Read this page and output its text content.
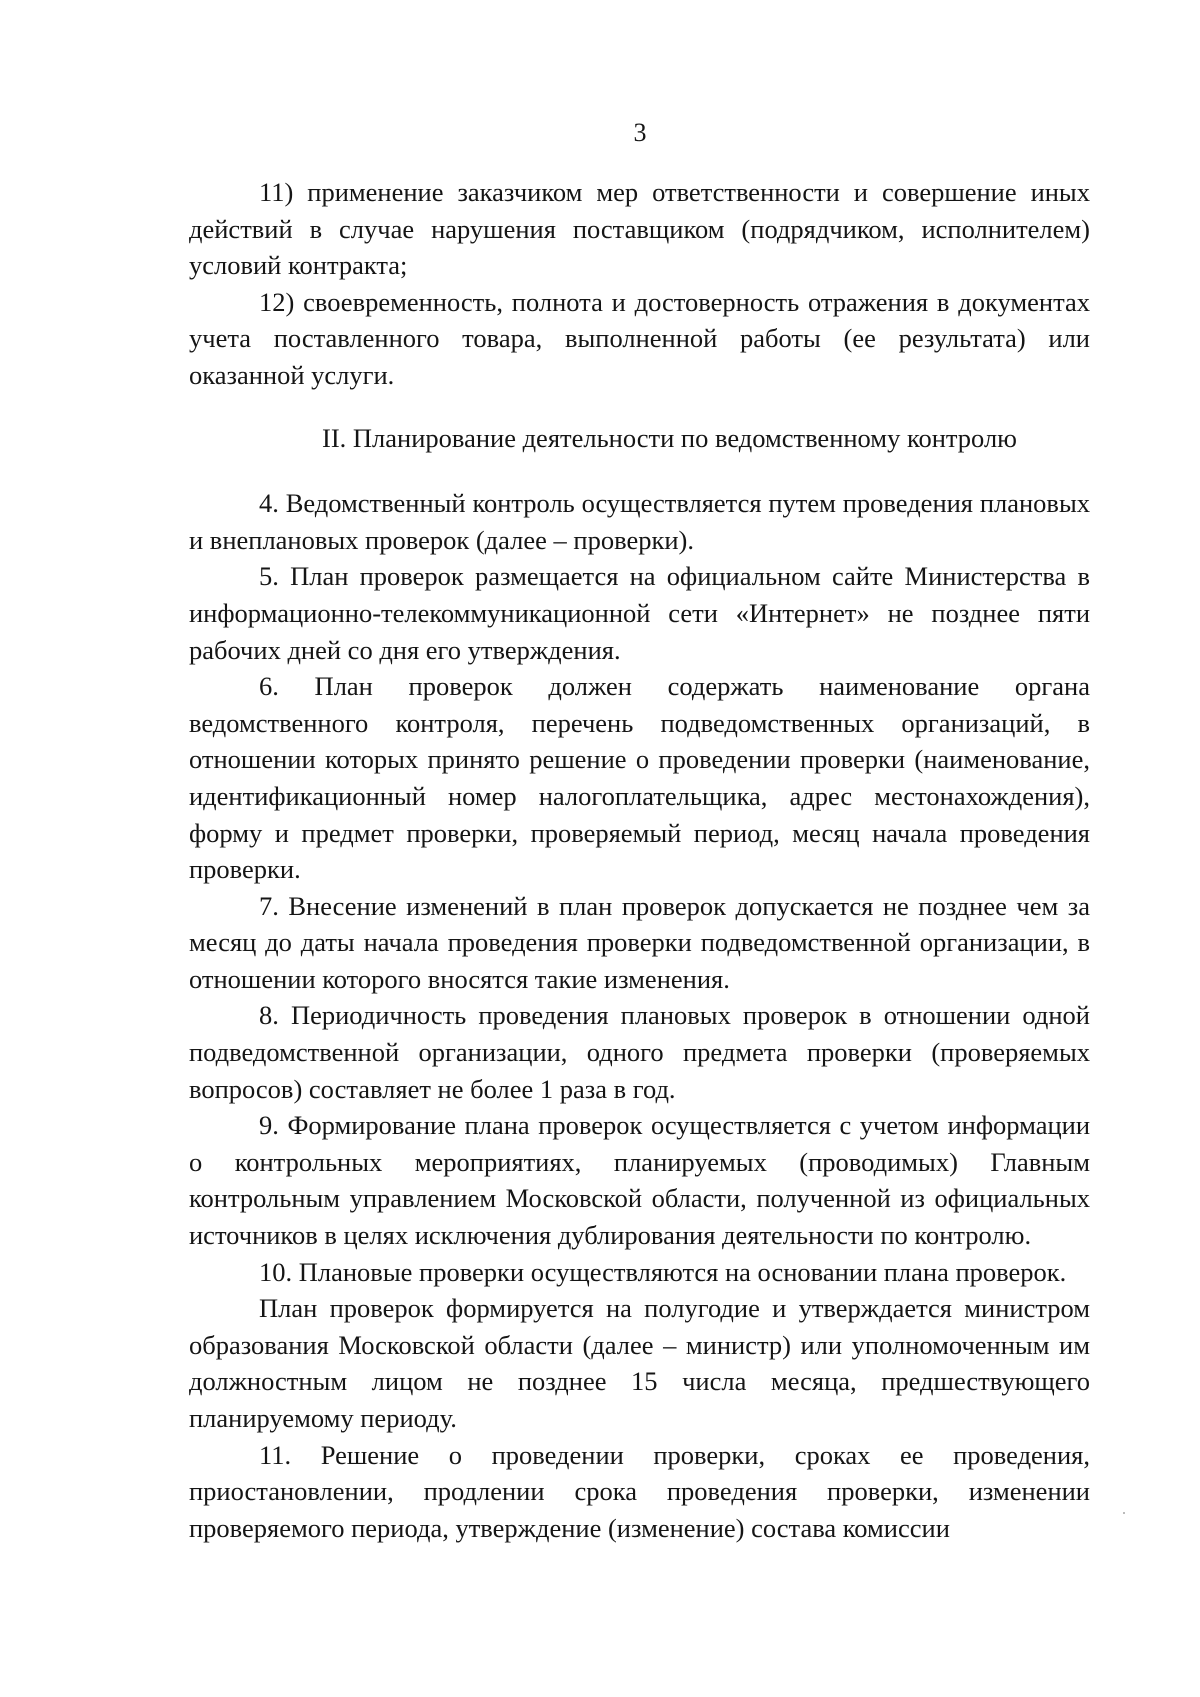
3

11) применение заказчиком мер ответственности и совершение иных действий в случае нарушения поставщиком (подрядчиком, исполнителем) условий контракта;

12) своевременность, полнота и достоверность отражения в документах учета поставленного товара, выполненной работы (ее результата) или оказанной услуги.

II. Планирование деятельности по ведомственному контролю

4. Ведомственный контроль осуществляется путем проведения плановых и внеплановых проверок (далее – проверки).

5. План проверок размещается на официальном сайте Министерства в информационно-телекоммуникационной сети «Интернет» не позднее пяти рабочих дней со дня его утверждения.

6. План проверок должен содержать наименование органа ведомственного контроля, перечень подведомственных организаций, в отношении которых принято решение о проведении проверки (наименование, идентификационный номер налогоплательщика, адрес местонахождения), форму и предмет проверки, проверяемый период, месяц начала проведения проверки.

7. Внесение изменений в план проверок допускается не позднее чем за месяц до даты начала проведения проверки подведомственной организации, в отношении которого вносятся такие изменения.

8. Периодичность проведения плановых проверок в отношении одной подведомственной организации, одного предмета проверки (проверяемых вопросов) составляет не более 1 раза в год.

9. Формирование плана проверок осуществляется с учетом информации о контрольных мероприятиях, планируемых (проводимых) Главным контрольным управлением Московской области, полученной из официальных источников в целях исключения дублирования деятельности по контролю.

10. Плановые проверки осуществляются на основании плана проверок.

План проверок формируется на полугодие и утверждается министром образования Московской области (далее – министр) или уполномоченным им должностным лицом не позднее 15 числа месяца, предшествующего планируемому периоду.

11. Решение о проведении проверки, сроках ее проведения, приостановлении, продлении срока проведения проверки, изменении проверяемого периода, утверждение (изменение) состава комиссии
